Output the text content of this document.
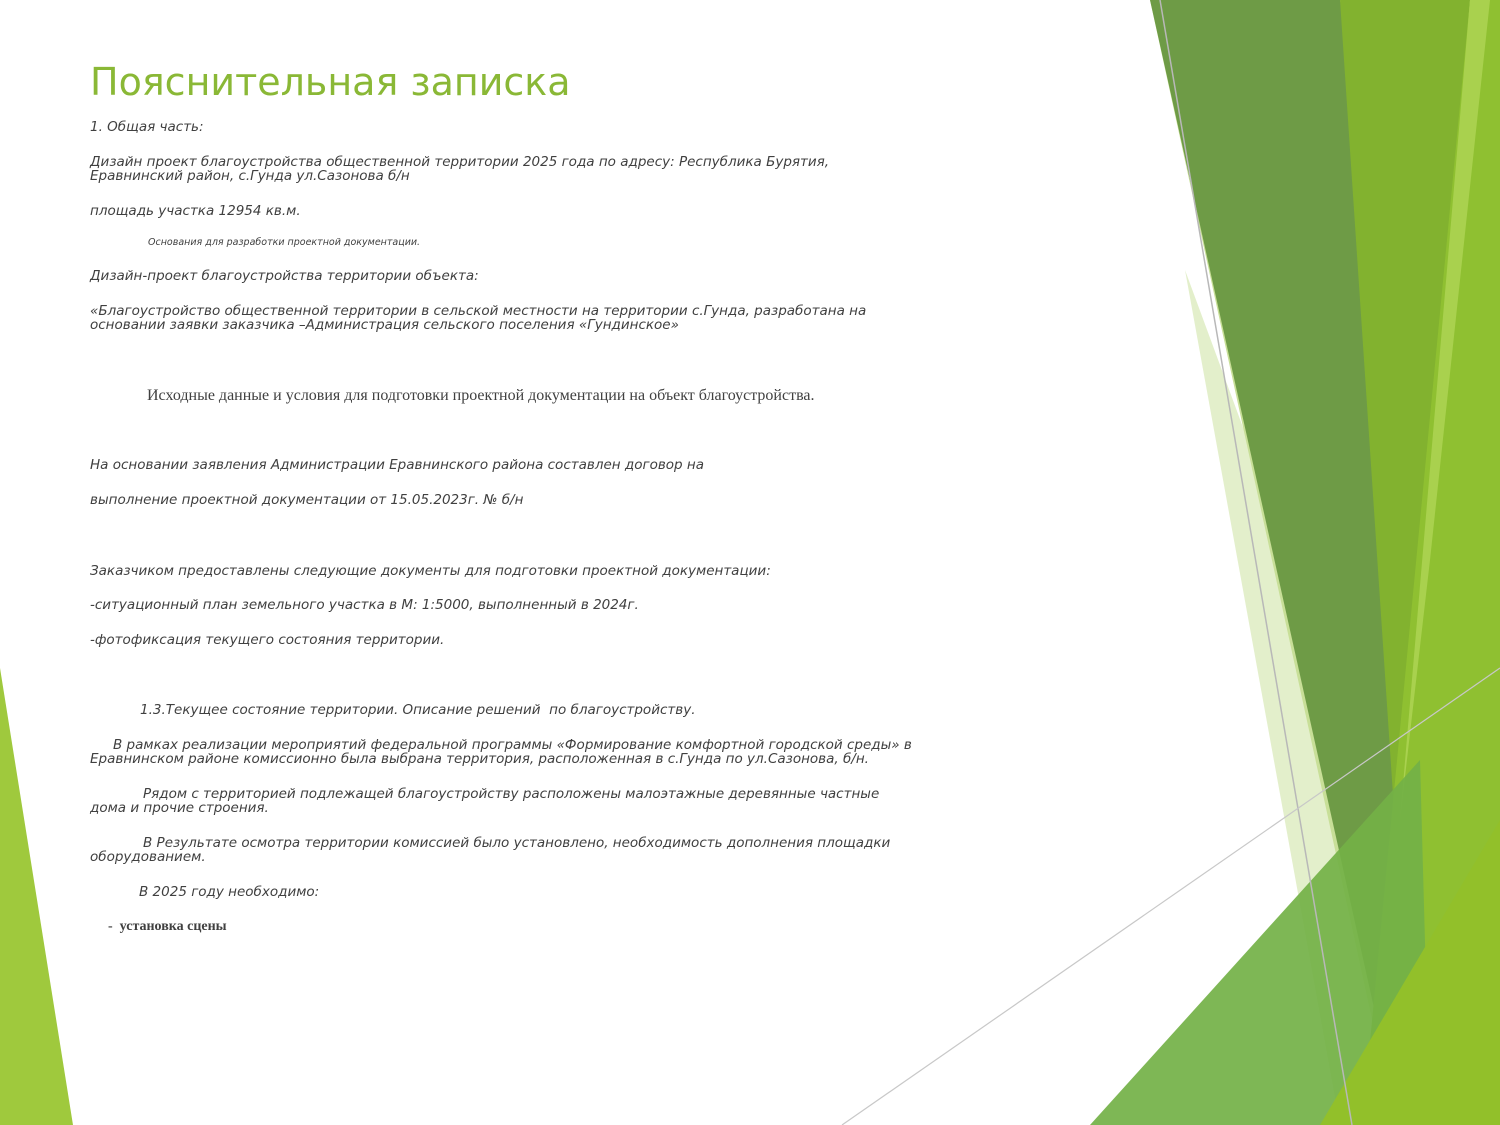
Пояснительная записка

1. Общая часть:

Дизайн проект благоустройства общественной территории 2025 года по адресу: Республика Бурятия,

Еравнинский район, с.Гунда ул.Сазонова б/н

площадь участка 12954 кв.м.

Основания для разработки проектной документации.

Дизайн-проект благоустройства территории объекта:

«Благоустройство общественной территории в сельской местности на территории с.Гунда, разработана на

основании заявки заказчика –Администрация сельского поселения «Гундинское»

Исходные данные и условия для подготовки проектной документации на объект благоустройства.

На основании заявления Администрации Еравнинского района составлен договор на

выполнение проектной документации от 15.05.2023г. № б/н

Заказчиком предоставлены следующие документы для подготовки проектной документации:

-ситуационный план земельного участка в М: 1:5000, выполненный в 2024г.

-фотофиксация текущего состояния территории.

1.3.Текущее состояние территории. Описание решений  по благоустройству.

В рамках реализации мероприятий федеральной программы «Формирование комфортной городской среды» в

Еравнинском районе комиссионно была выбрана территория, расположенная в с.Гунда по ул.Сазонова, б/н.

Рядом с территорией подлежащей благоустройству расположены малоэтажные деревянные частные

дома и прочие строения.

В Результате осмотра территории комиссией было установлено, необходимость дополнения площадки

оборудованием.

В 2025 году необходимо:

-  установка сцены
